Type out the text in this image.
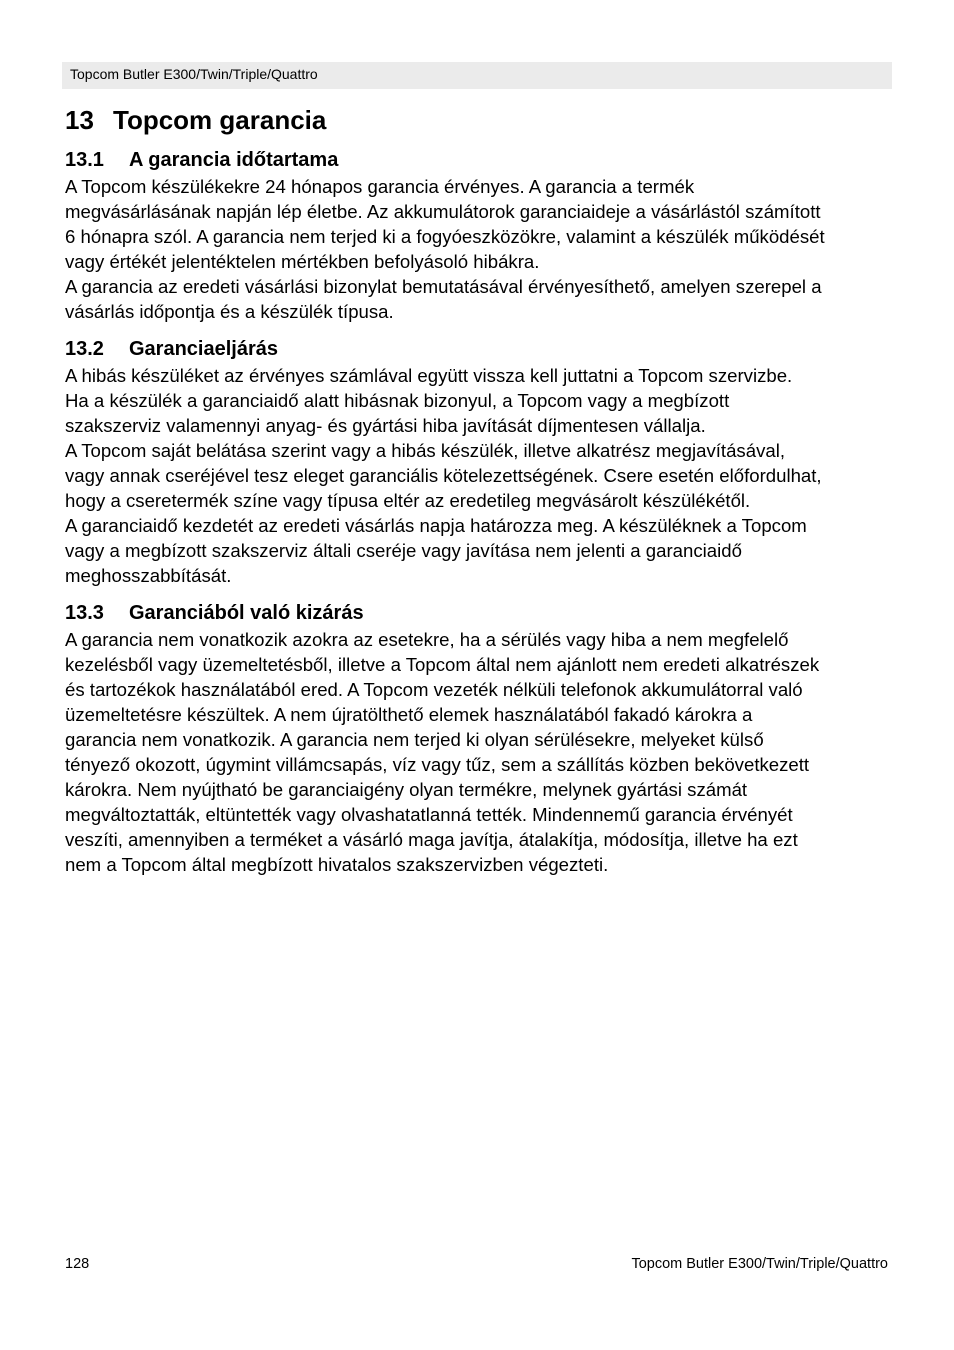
Topcom Butler E300/Twin/Triple/Quattro
13 Topcom garancia
13.1	A garancia időtartama

A Topcom készülékekre 24 hónapos garancia érvényes. A garancia a termék
megvásárlásának napján lép életbe. Az akkumulátorok garanciaideje a vásárlástól számított
6 hónapra szól. A garancia nem terjed ki a fogyóeszközökre, valamint a készülék működését
vagy értékét jelentéktelen mértékben befolyásoló hibákra.
A garancia az eredeti vásárlási bizonylat bemutatásával érvényesíthető, amelyen szerepel a
vásárlás időpontja és a készülék típusa.

13.2	Garanciaeljárás

A hibás készüléket az érvényes számlával együtt vissza kell juttatni a Topcom szervizbe.
Ha a készülék a garanciaidő alatt hibásnak bizonyul, a Topcom vagy a megbízott
szakszerviz valamennyi anyag- és gyártási hiba javítását díjmentesen vállalja.
A Topcom saját belátása szerint vagy a hibás készülék, illetve alkatrész megjavításával,
vagy annak cseréjével tesz eleget garanciális kötelezettségének. Csere esetén előfordulhat,
hogy a cseretermék színe vagy típusa eltér az eredetileg megvásárolt készülékétől.
A garanciaidő kezdetét az eredeti vásárlás napja határozza meg. A készüléknek a Topcom
vagy a megbízott szakszerviz általi cseréje vagy javítása nem jelenti a garanciaidő
meghosszabbítását.

13.3	Garanciából való kizárás

A garancia nem vonatkozik azokra az esetekre, ha a sérülés vagy hiba a nem megfelelő
kezelésből vagy üzemeltetésből, illetve a Topcom által nem ajánlott nem eredeti alkatrészek
és tartozékok használatából ered. A Topcom vezeték nélküli telefonok akkumulátorral való
üzemeltetésre készültek. A nem újratölthető elemek használatából fakadó károkra a
garancia nem vonatkozik. A garancia nem terjed ki olyan sérülésekre, melyeket külső
tényező okozott, úgymint villámcsapás, víz vagy tűz, sem a szállítás közben bekövetkezett
károkra. Nem nyújtható be garanciaigény olyan termékre, melynek gyártási számát
megváltoztatták, eltüntették vagy olvashatatlanná tették. Mindennemű garancia érvényét
veszíti, amennyiben a terméket a vásárló maga javítja, átalakítja, módosítja, illetve ha ezt
nem a Topcom által megbízott hivatalos szakszervizben végezteti.

128	Topcom Butler E300/Twin/Triple/Quattro
